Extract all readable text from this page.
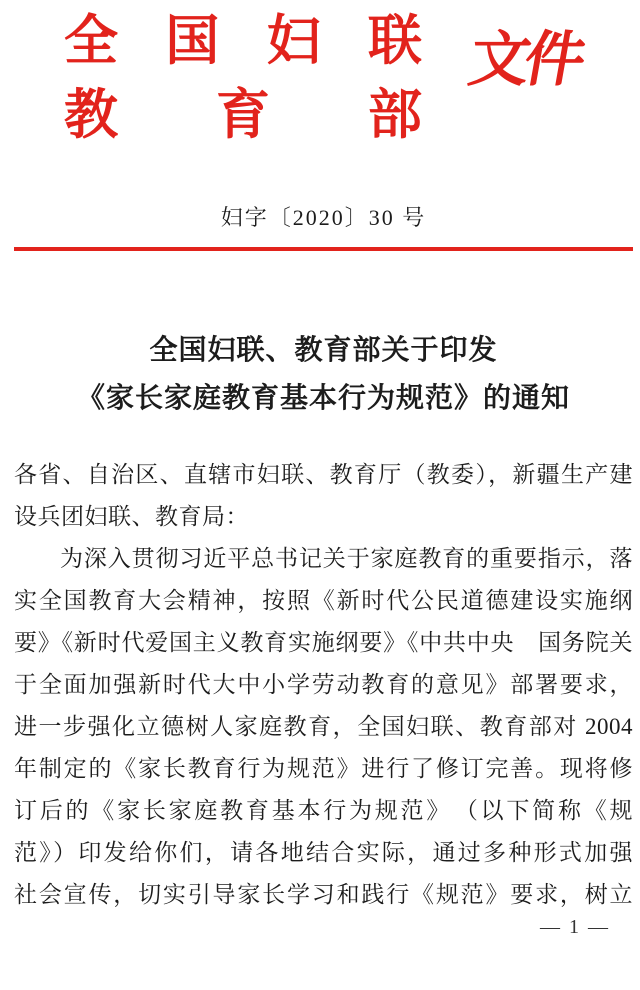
全 国 妇 联
教 育 部
文件
妇字〔2020〕30 号
全国妇联、教育部关于印发
《家长家庭教育基本行为规范》的通知

各省、自治区、直辖市妇联、教育厅（教委），新疆生产建

设兵团妇联、教育局：

为深入贯彻习近平总书记关于家庭教育的重要指示，落

实全国教育大会精神，按照《新时代公民道德建设实施纲

要》《新时代爱国主义教育实施纲要》《中共中央　国务院关

于全面加强新时代大中小学劳动教育的意见》部署要求，

进一步强化立德树人家庭教育，全国妇联、教育部对 2004

年制定的《家长教育行为规范》进行了修订完善。现将修

订后的《家长家庭教育基本行为规范》　（以下简称《规

范》）印发给你们，请各地结合实际，通过多种形式加强

社会宣传，切实引导家长学习和践行《规范》要求，树立

— 1 —
